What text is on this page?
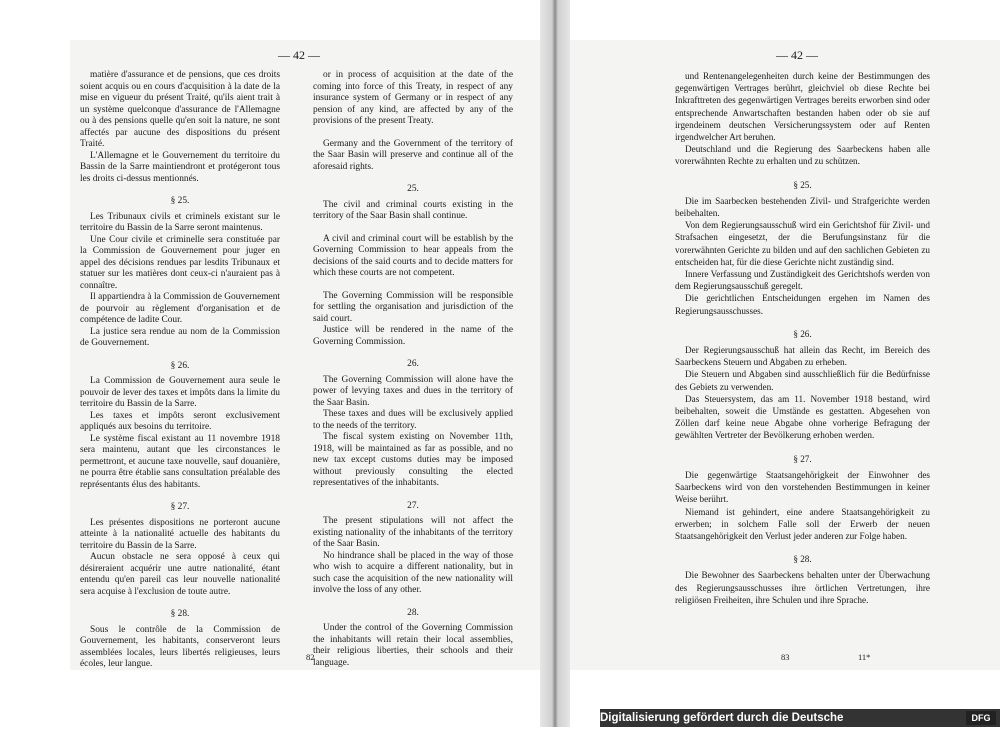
— 42 —

matière d'assurance et de pensions, que ces droits soient acquis ou en cours d'acquisition à la date de la mise en vigueur du présent Traité, qu'ils aient trait à un système quelconque d'assurance de l'Allemagne ou à des pensions quelle qu'en soit la nature, ne sont affectés par aucune des dispositions du présent Traité.

L'Allemagne et le Gouvernement du territoire du Bassin de la Sarre maintiendront et protégeront tous les droits ci-dessus mentionnés.

§ 25.

Les Tribunaux civils et criminels existant sur le territoire du Bassin de la Sarre seront maintenus.

Une Cour civile et criminelle sera constituée par la Commission de Gouvernement pour juger en appel des décisions rendues par lesdits Tribunaux et statuer sur les matières dont ceux-ci n'auraient pas à connaître.

Il appartiendra à la Commission de Gouvernement de pourvoir au règlement d'organisation et de compétence de ladite Cour.

La justice sera rendue au nom de la Commission de Gouvernement.

§ 26.

La Commission de Gouvernement aura seule le pouvoir de lever des taxes et impôts dans la limite du territoire du Bassin de la Sarre.

Les taxes et impôts seront exclusivement appliqués aux besoins du territoire.

Le système fiscal existant au 11 novembre 1918 sera maintenu, autant que les circonstances le permettront, et aucune taxe nouvelle, sauf douanière, ne pourra être établie sans consultation préalable des représentants élus des habitants.

§ 27.

Les présentes dispositions ne porteront aucune atteinte à la nationalité actuelle des habitants du territoire du Bassin de la Sarre.

Aucun obstacle ne sera opposé à ceux qui désireraient acquérir une autre nationalité, étant entendu qu'en pareil cas leur nouvelle nationalité sera acquise à l'exclusion de toute autre.

§ 28.

Sous le contrôle de la Commission de Gouvernement, les habitants, conserveront leurs assemblées locales, leurs libertés religieuses, leurs écoles, leur langue.

or in process of acquisition at the date of the coming into force of this Treaty, in respect of any insurance system of Germany or in respect of any pension of any kind, are affected by any of the provisions of the present Treaty.

Germany and the Government of the territory of the Saar Basin will preserve and continue all of the aforesaid rights.

25.

The civil and criminal courts existing in the territory of the Saar Basin shall continue.

A civil and criminal court will be establish by the Governing Commission to hear appeals from the decisions of the said courts and to decide matters for which these courts are not competent.

The Governing Commission will be responsible for settling the organisation and jurisdiction of the said court.

Justice will be rendered in the name of the Governing Commission.

26.

The Governing Commission will alone have the power of levying taxes and dues in the territory of the Saar Basin.

These taxes and dues will be exclusively applied to the needs of the territory.

The fiscal system existing on November 11th, 1918, will be maintained as far as possible, and no new tax except customs duties may be imposed without previously consulting the elected representatives of the inhabitants.

27.

The present stipulations will not affect the existing nationality of the inhabitants of the territory of the Saar Basin.

No hindrance shall be placed in the way of those who wish to acquire a different nationality, but in such case the acquisition of the new nationality will involve the loss of any other.

28.

Under the control of the Governing Commission the inhabitants will retain their local assemblies, their religious liberties, their schools and their language.

82
— 42 —

und Rentenangelegenheiten durch keine der Bestimmungen des gegenwärtigen Vertrages berührt, gleichviel ob diese Rechte bei Inkrafttreten des gegenwärtigen Vertrages bereits erworben sind oder entsprechende Anwartschaften bestanden haben oder ob sie auf irgendeinem deutschen Versicherungssystem oder auf Renten irgendwelcher Art beruhen.

Deutschland und die Regierung des Saarbeckens haben alle vorerwähnten Rechte zu erhalten und zu schützen.

§ 25.

Die im Saarbecken bestehenden Zivil- und Strafgerichte werden beibehalten.

Von dem Regierungsausschuß wird ein Gerichtshof für Zivil- und Strafsachen eingesetzt, der die Berufungsinstanz für die vorerwähnten Gerichte zu bilden und auf den sachlichen Gebieten zu entscheiden hat, für die diese Gerichte nicht zuständig sind.

Innere Verfassung und Zuständigkeit des Gerichtshofs werden von dem Regierungsausschuß geregelt.

Die gerichtlichen Entscheidungen ergehen im Namen des Regierungsausschusses.

§ 26.

Der Regierungsausschuß hat allein das Recht, im Bereich des Saarbeckens Steuern und Abgaben zu erheben.

Die Steuern und Abgaben sind ausschließlich für die Bedürfnisse des Gebiets zu verwenden.

Das Steuersystem, das am 11. November 1918 bestand, wird beibehalten, soweit die Umstände es gestatten. Abgesehen von Zöllen darf keine neue Abgabe ohne vorherige Befragung der gewählten Vertreter der Bevölkerung erhoben werden.

§ 27.

Die gegenwärtige Staatsangehörigkeit der Einwohner des Saarbeckens wird von den vorstehenden Bestimmungen in keiner Weise berührt.

Niemand ist gehindert, eine andere Staatsangehörigkeit zu erwerben; in solchem Falle soll der Erwerb der neuen Staatsangehörigkeit den Verlust jeder anderen zur Folge haben.

§ 28.

Die Bewohner des Saarbeckens behalten unter der Überwachung des Regierungsausschusses ihre örtlichen Vertretungen, ihre religiösen Freiheiten, ihre Schulen und ihre Sprache.

83	11*
Digitalisierung gefördert durch die Deutsche Forschungsgemeinschaft
DFG
